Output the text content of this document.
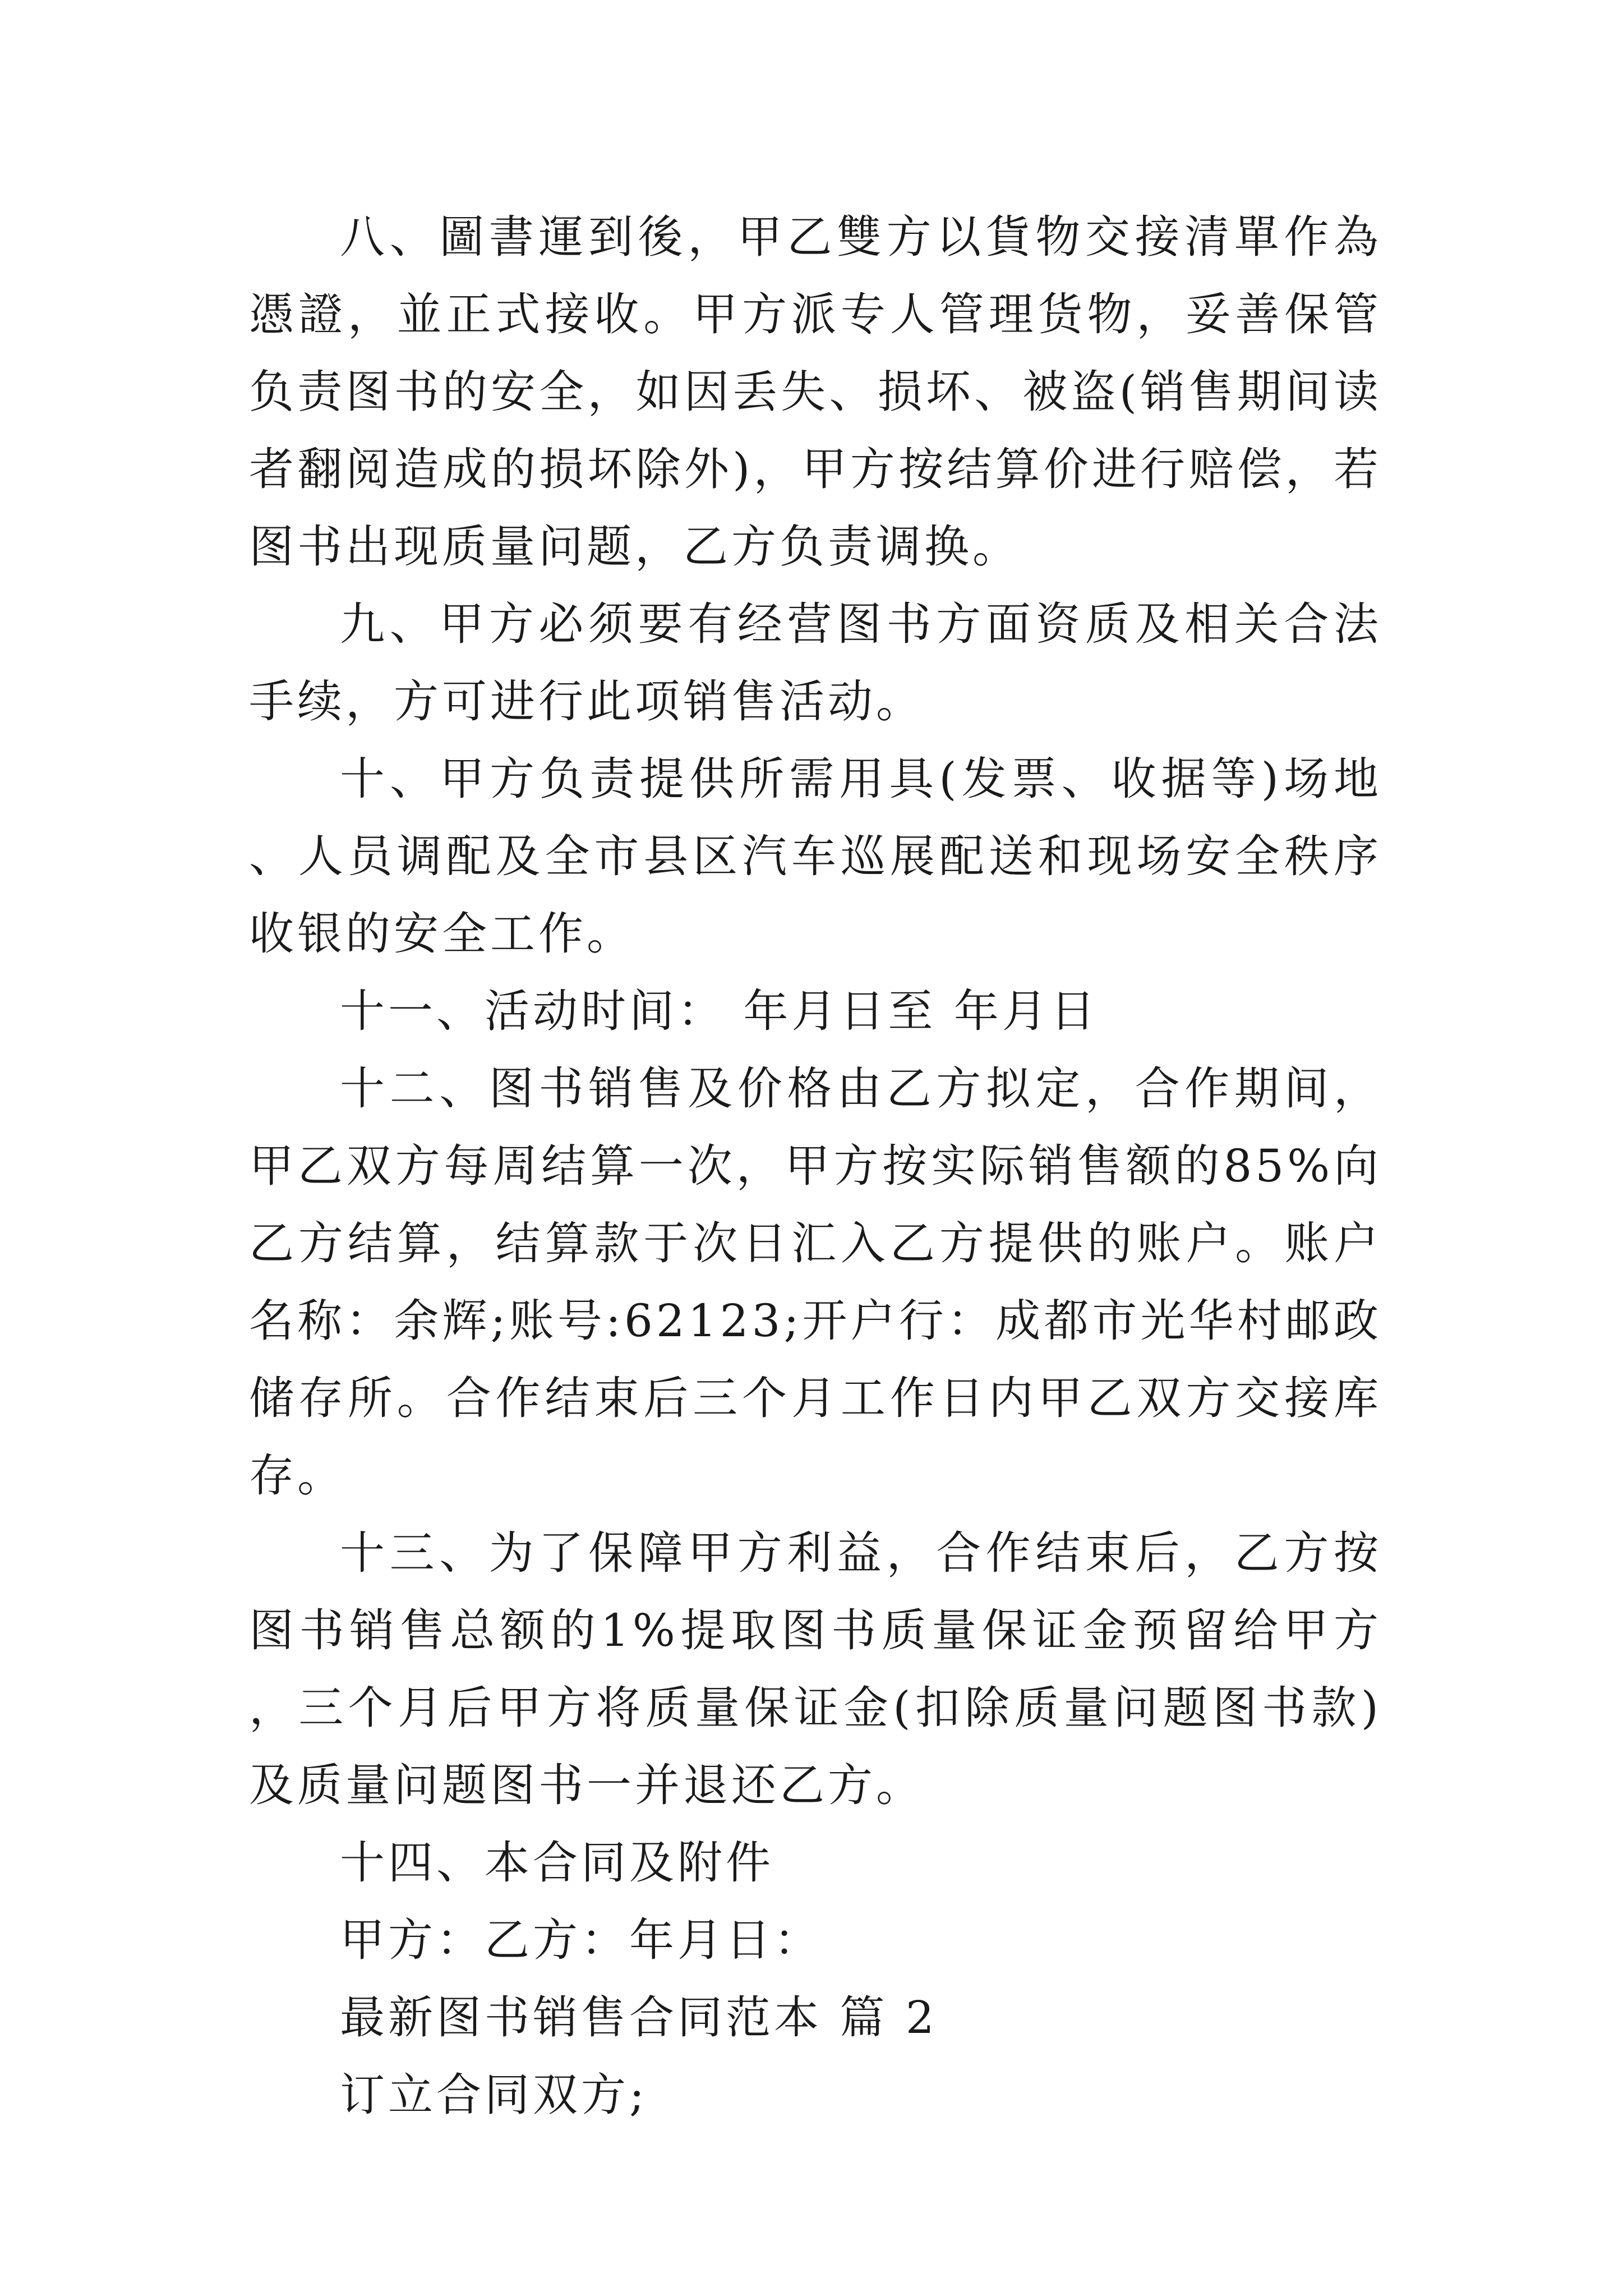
八、圖書運到後，甲乙雙方以貨物交接清單作為憑證，並正式接收。甲方派专人管理货物，妥善保管负责图书的安全，如因丢失、损坏、被盗(销售期间读者翻阅造成的损坏除外)，甲方按结算价进行赔偿，若图书出现质量问题，乙方负责调换。

九、甲方必须要有经营图书方面资质及相关合法手续，方可进行此项销售活动。

十、甲方负责提供所需用具(发票、收据等)场地、人员调配及全市县区汽车巡展配送和现场安全秩序收银的安全工作。

十一、活动时间： 年月日至 年月日

十二、图书销售及价格由乙方拟定，合作期间，甲乙双方每周结算一次，甲方按实际销售额的85%向乙方结算，结算款于次日汇入乙方提供的账户。账户名称：余辉;账号:62123;开户行：成都市光华村邮政储存所。合作结束后三个月工作日内甲乙双方交接库存。

十三、为了保障甲方利益，合作结束后，乙方按图书销售总额的1%提取图书质量保证金预留给甲方，三个月后甲方将质量保证金(扣除质量问题图书款)及质量问题图书一并退还乙方。

十四、本合同及附件

甲方：乙方：年月日：

最新图书销售合同范本 篇 2

订立合同双方;
